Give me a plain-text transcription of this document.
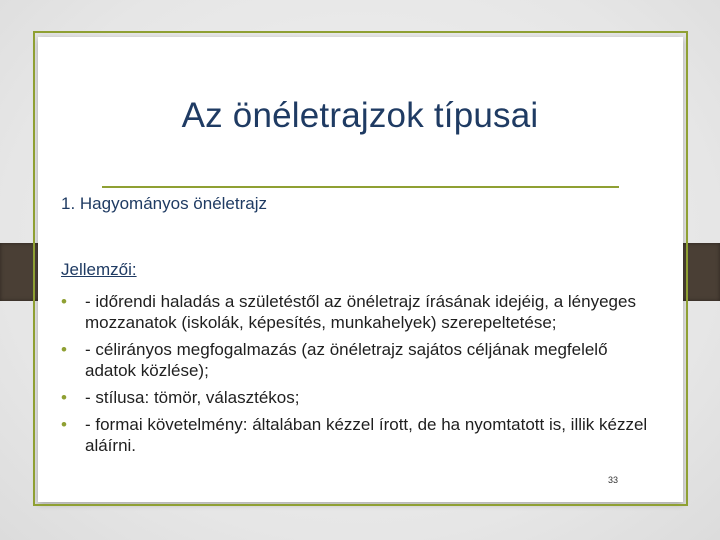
Az önéletrajzok típusai
1. Hagyományos önéletrajz
Jellemzői:
• - időrendi haladás a születéstől az önéletrajz írásának idejéig, a lényeges mozzanatok (iskolák, képesítés, munkahelyek) szerepeltetése;
• - célirányos megfogalmazás (az önéletrajz sajátos céljának megfelelő adatok közlése);
• - stílusa: tömör, választékos;
• - formai követelmény: általában kézzel írott, de ha nyomtatott is, illik kézzel aláírni.
33
